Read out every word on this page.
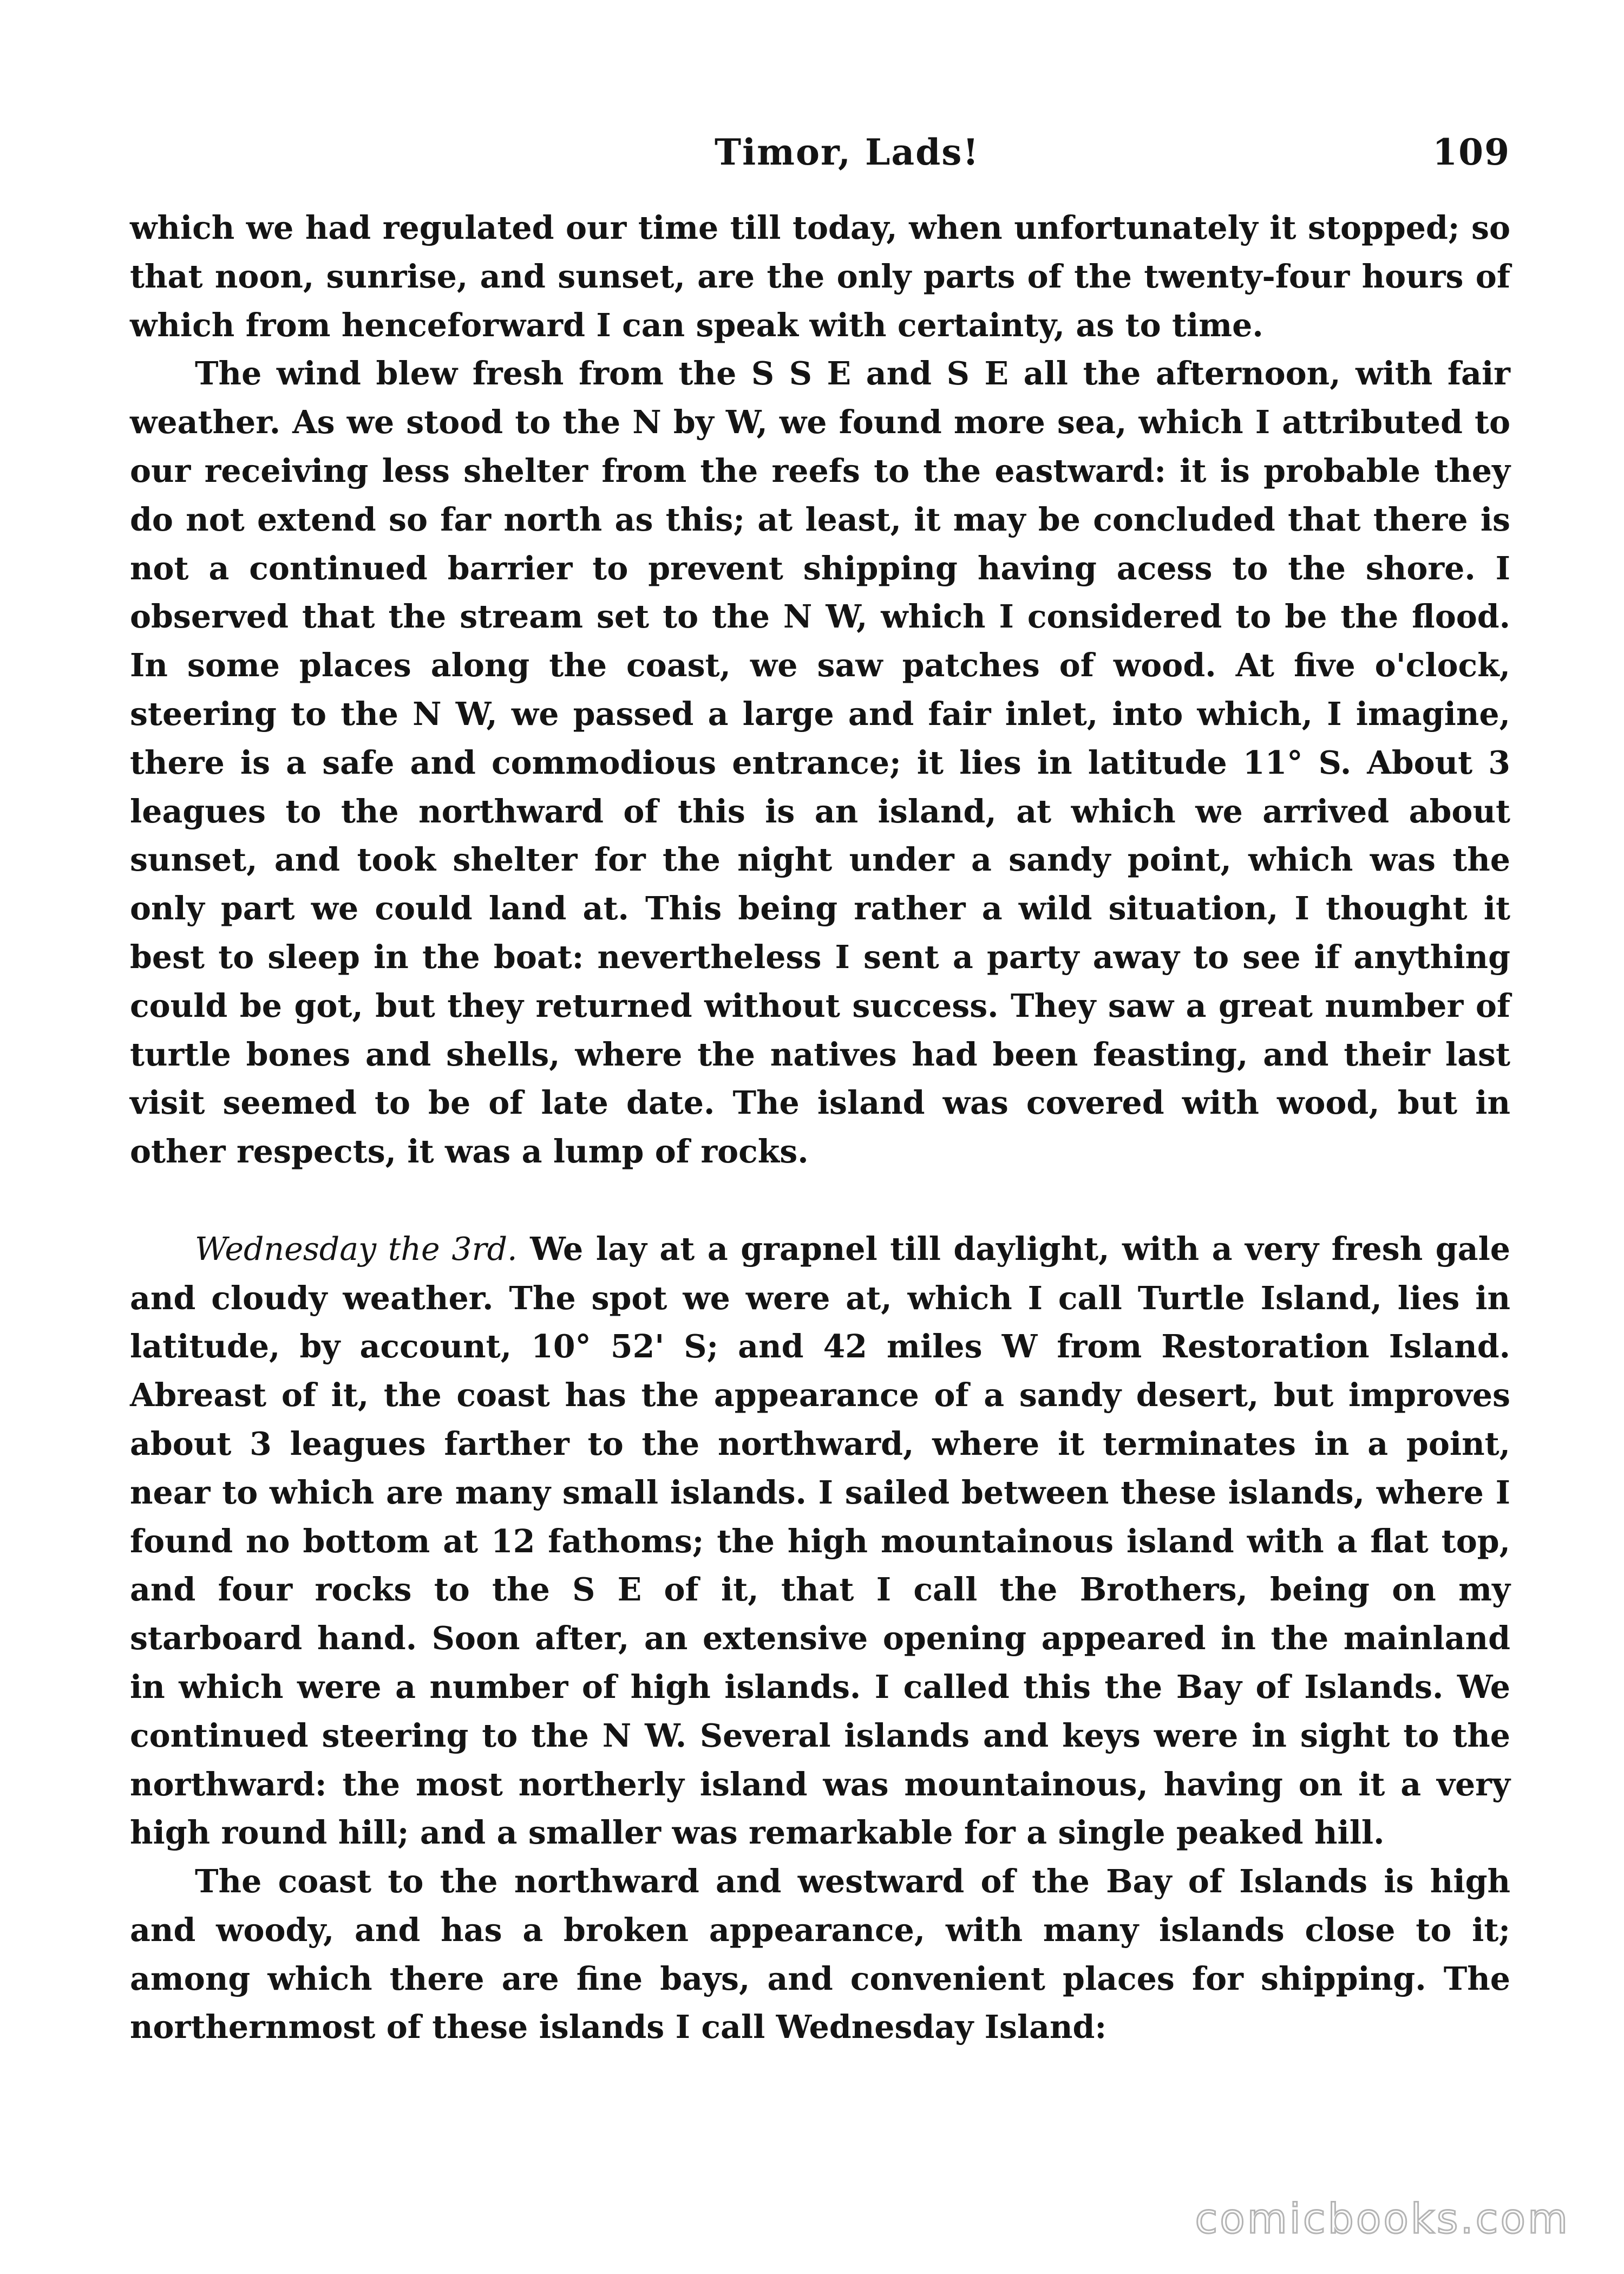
Timor, Lads!	109

which we had regulated our time till today, when unfortunately it stopped; so that noon, sunrise, and sunset, are the only parts of the twenty-four hours of which from henceforward I can speak with certainty, as to time.

The wind blew fresh from the S S E and S E all the afternoon, with fair weather. As we stood to the N by W, we found more sea, which I attributed to our receiving less shelter from the reefs to the eastward: it is probable they do not extend so far north as this; at least, it may be concluded that there is not a continued barrier to prevent shipping having acess to the shore. I observed that the stream set to the N W, which I considered to be the flood. In some places along the coast, we saw patches of wood. At five o'clock, steering to the N W, we passed a large and fair inlet, into which, I imagine, there is a safe and commodious entrance; it lies in latitude 11° S. About 3 leagues to the northward of this is an island, at which we arrived about sunset, and took shelter for the night under a sandy point, which was the only part we could land at. This being rather a wild situation, I thought it best to sleep in the boat: nevertheless I sent a party away to see if anything could be got, but they returned without success. They saw a great number of turtle bones and shells, where the natives had been feasting, and their last visit seemed to be of late date. The island was covered with wood, but in other respects, it was a lump of rocks.

Wednesday the 3rd. We lay at a grapnel till daylight, with a very fresh gale and cloudy weather. The spot we were at, which I call Turtle Island, lies in latitude, by account, 10° 52' S; and 42 miles W from Restoration Island. Abreast of it, the coast has the appearance of a sandy desert, but improves about 3 leagues farther to the northward, where it terminates in a point, near to which are many small islands. I sailed between these islands, where I found no bottom at 12 fathoms; the high mountainous island with a flat top, and four rocks to the S E of it, that I call the Brothers, being on my starboard hand. Soon after, an extensive opening appeared in the mainland in which were a number of high islands. I called this the Bay of Islands. We continued steering to the N W. Several islands and keys were in sight to the northward: the most northerly island was mountainous, having on it a very high round hill; and a smaller was remarkable for a single peaked hill.

The coast to the northward and westward of the Bay of Islands is high and woody, and has a broken appearance, with many islands close to it; among which there are fine bays, and convenient places for shipping. The northernmost of these islands I call Wednesday Island:

comicbooks.com
